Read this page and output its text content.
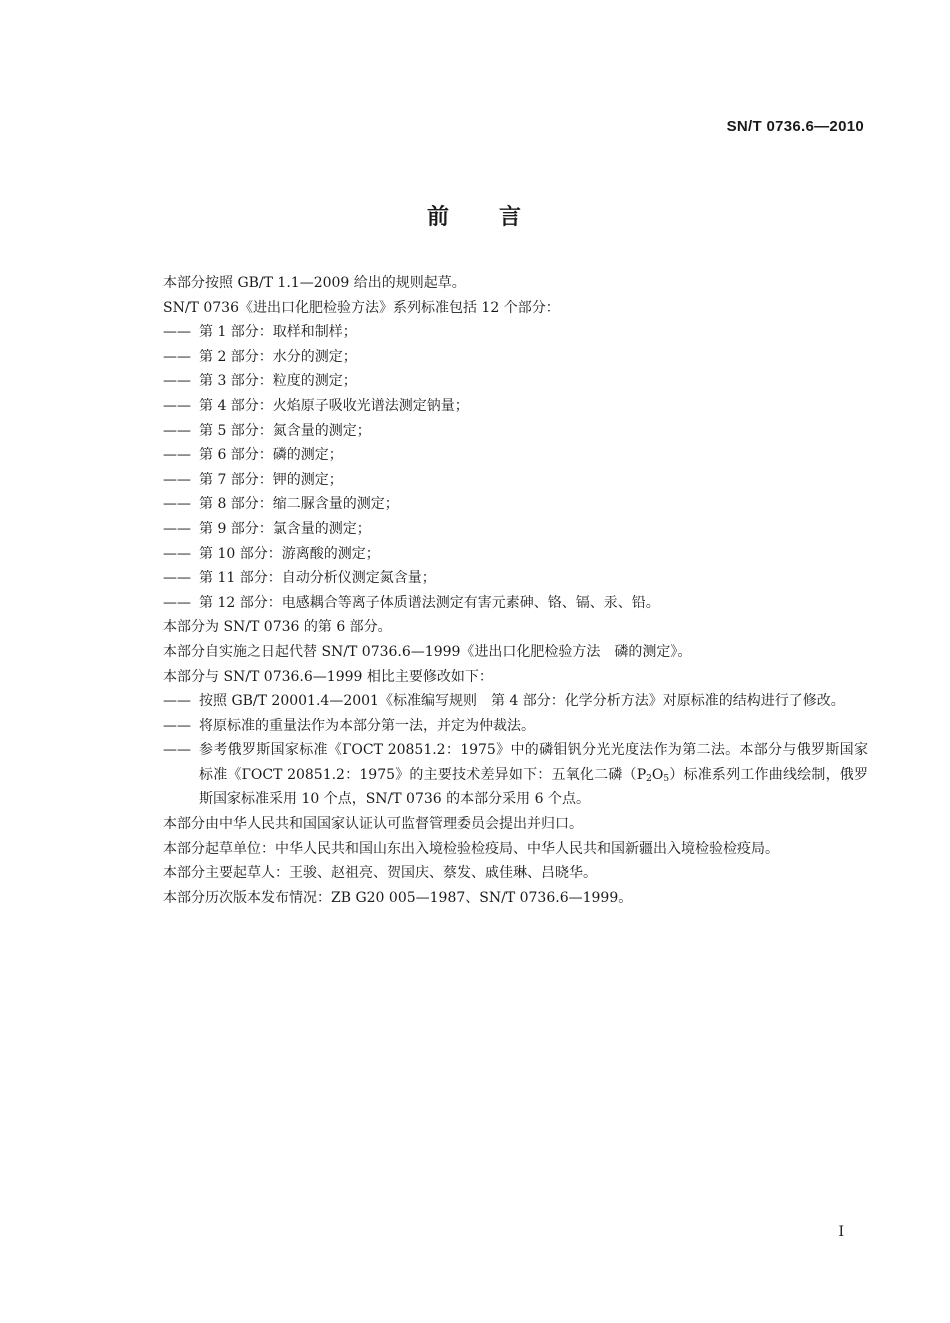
SN/T 0736.6—2010
前 言

本部分按照 GB/T 1.1—2009 给出的规则起草。

SN/T 0736《进出口化肥检验方法》系列标准包括 12 个部分：

—— 第 1 部分：取样和制样；
—— 第 2 部分：水分的测定；
—— 第 3 部分：粒度的测定；
—— 第 4 部分：火焰原子吸收光谱法测定钠量；
—— 第 5 部分：氮含量的测定；
—— 第 6 部分：磷的测定；
—— 第 7 部分：钾的测定；
—— 第 8 部分：缩二脲含量的测定；
—— 第 9 部分：氯含量的测定；
—— 第 10 部分：游离酸的测定；
—— 第 11 部分：自动分析仪测定氮含量；
—— 第 12 部分：电感耦合等离子体质谱法测定有害元素砷、铬、镉、汞、铅。

本部分为 SN/T 0736 的第 6 部分。

本部分自实施之日起代替 SN/T 0736.6—1999《进出口化肥检验方法　磷的测定》。

本部分与 SN/T 0736.6—1999 相比主要修改如下：

—— 按照 GB/T 20001.4—2001《标准编写规则　第 4 部分：化学分析方法》对原标准的结构进行了修改。
—— 将原标准的重量法作为本部分第一法，并定为仲裁法。
—— 参考俄罗斯国家标准《ГОСТ 20851.2：1975》中的磷钼钒分光光度法作为第二法。本部分与俄罗斯国家标准《ГОСТ 20851.2：1975》的主要技术差异如下：五氧化二磷$(P_2O_5)$标准系列工作曲线绘制，俄罗斯国家标准采用 10 个点，SN/T 0736 的本部分采用 6 个点。

本部分由中华人民共和国国家认证认可监督管理委员会提出并归口。

本部分起草单位：中华人民共和国山东出入境检验检疫局、中华人民共和国新疆出入境检验检疫局。

本部分主要起草人：王骏、赵祖亮、贺国庆、蔡发、戚佳琳、吕晓华。

本部分历次版本发布情况：ZB G20 005—1987、SN/T 0736.6—1999。

I
